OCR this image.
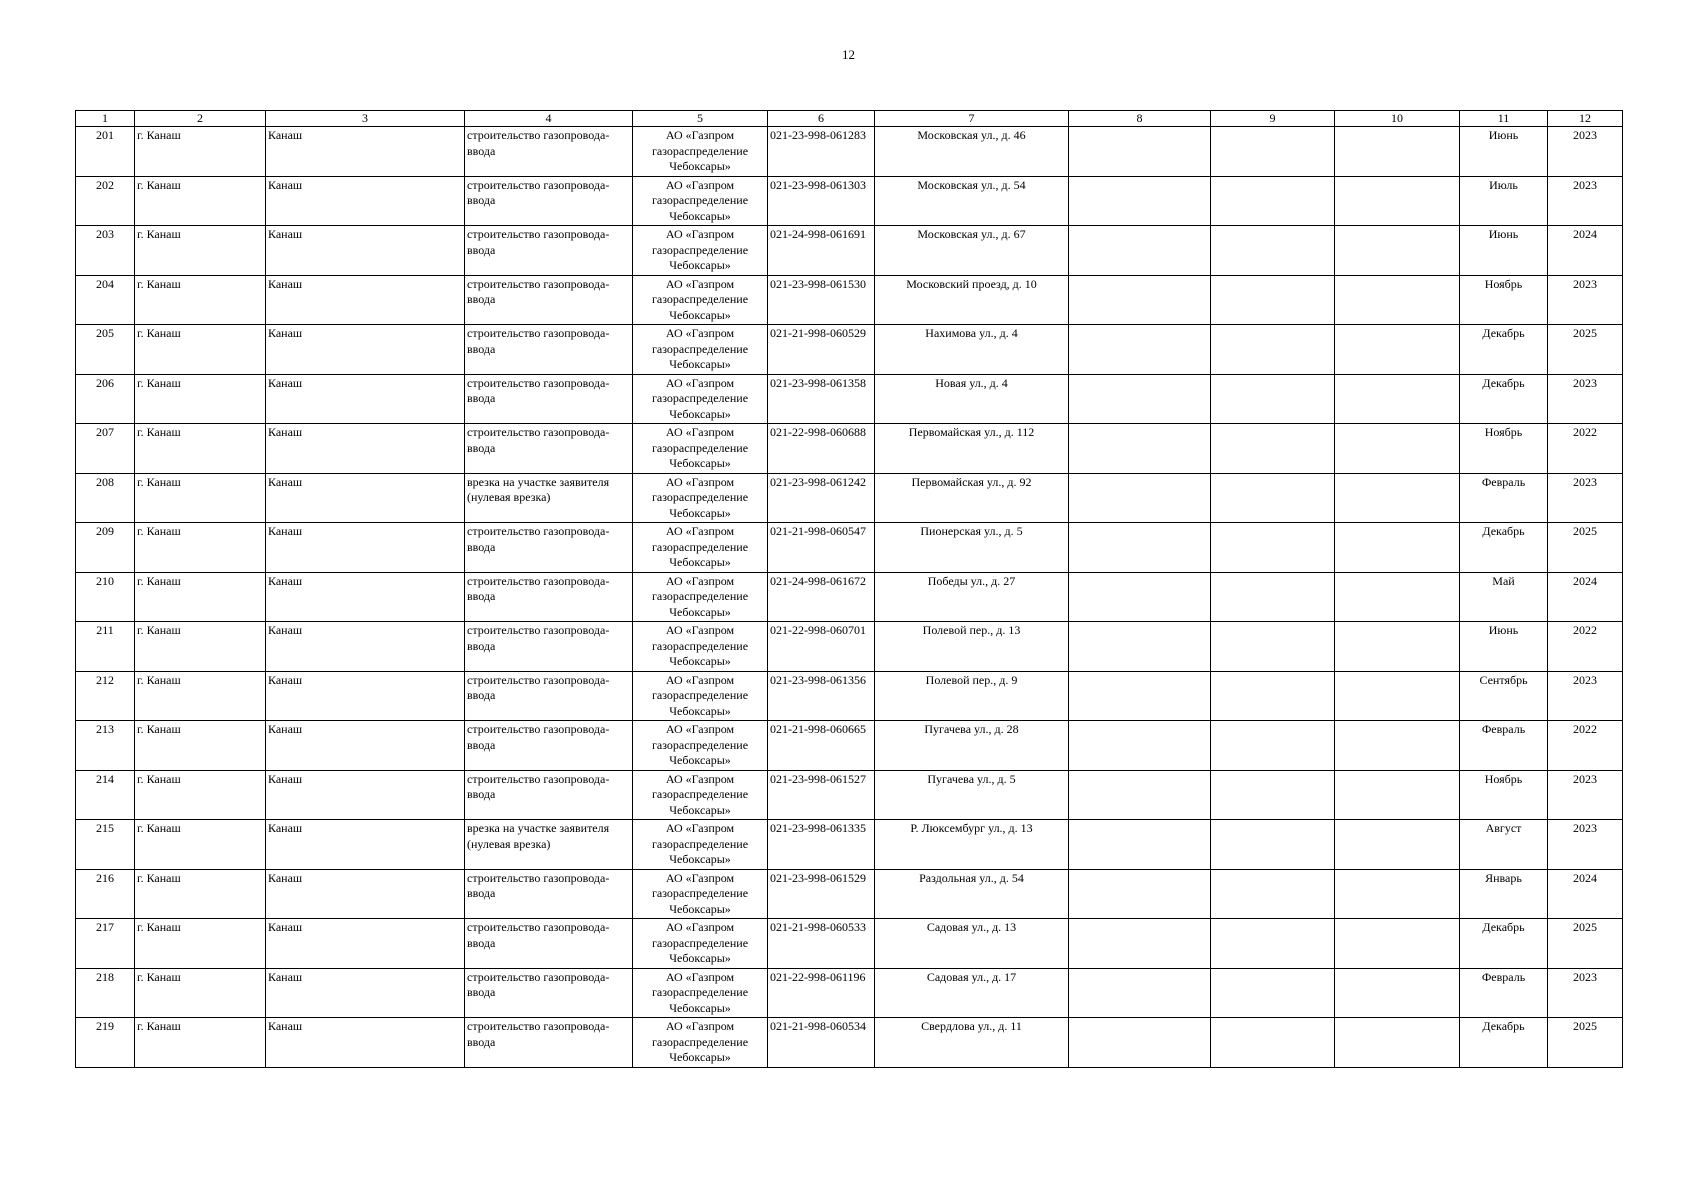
12
1	2	3	4	5	6	7	8	9	10	11	12
201	г. Канаш	Канаш	строительство газопровода-ввода	АО «Газпром газораспределение Чебоксары»	021-23-998-061283	Московская ул., д. 46				Июнь	2023
202	г. Канаш	Канаш	строительство газопровода-ввода	АО «Газпром газораспределение Чебоксары»	021-23-998-061303	Московская ул., д. 54				Июль	2023
203	г. Канаш	Канаш	строительство газопровода-ввода	АО «Газпром газораспределение Чебоксары»	021-24-998-061691	Московская ул., д. 67				Июнь	2024
204	г. Канаш	Канаш	строительство газопровода-ввода	АО «Газпром газораспределение Чебоксары»	021-23-998-061530	Московский проезд, д. 10				Ноябрь	2023
205	г. Канаш	Канаш	строительство газопровода-ввода	АО «Газпром газораспределение Чебоксары»	021-21-998-060529	Нахимова ул., д. 4				Декабрь	2025
206	г. Канаш	Канаш	строительство газопровода-ввода	АО «Газпром газораспределение Чебоксары»	021-23-998-061358	Новая ул., д. 4				Декабрь	2023
207	г. Канаш	Канаш	строительство газопровода-ввода	АО «Газпром газораспределение Чебоксары»	021-22-998-060688	Первомайская ул., д. 112				Ноябрь	2022
208	г. Канаш	Канаш	врезка на участке заявителя (нулевая врезка)	АО «Газпром газораспределение Чебоксары»	021-23-998-061242	Первомайская ул., д. 92				Февраль	2023
209	г. Канаш	Канаш	строительство газопровода-ввода	АО «Газпром газораспределение Чебоксары»	021-21-998-060547	Пионерская ул., д. 5				Декабрь	2025
210	г. Канаш	Канаш	строительство газопровода-ввода	АО «Газпром газораспределение Чебоксары»	021-24-998-061672	Победы ул., д. 27				Май	2024
211	г. Канаш	Канаш	строительство газопровода-ввода	АО «Газпром газораспределение Чебоксары»	021-22-998-060701	Полевой пер., д. 13				Июнь	2022
212	г. Канаш	Канаш	строительство газопровода-ввода	АО «Газпром газораспределение Чебоксары»	021-23-998-061356	Полевой пер., д. 9				Сентябрь	2023
213	г. Канаш	Канаш	строительство газопровода-ввода	АО «Газпром газораспределение Чебоксары»	021-21-998-060665	Пугачева ул., д. 28				Февраль	2022
214	г. Канаш	Канаш	строительство газопровода-ввода	АО «Газпром газораспределение Чебоксары»	021-23-998-061527	Пугачева ул., д. 5				Ноябрь	2023
215	г. Канаш	Канаш	врезка на участке заявителя (нулевая врезка)	АО «Газпром газораспределение Чебоксары»	021-23-998-061335	Р. Люксембург ул., д. 13				Август	2023
216	г. Канаш	Канаш	строительство газопровода-ввода	АО «Газпром газораспределение Чебоксары»	021-23-998-061529	Раздольная ул., д. 54				Январь	2024
217	г. Канаш	Канаш	строительство газопровода-ввода	АО «Газпром газораспределение Чебоксары»	021-21-998-060533	Садовая ул., д. 13				Декабрь	2025
218	г. Канаш	Канаш	строительство газопровода-ввода	АО «Газпром газораспределение Чебоксары»	021-22-998-061196	Садовая ул., д. 17				Февраль	2023
219	г. Канаш	Канаш	строительство газопровода-ввода	АО «Газпром газораспределение Чебоксары»	021-21-998-060534	Свердлова ул., д. 11				Декабрь	2025
